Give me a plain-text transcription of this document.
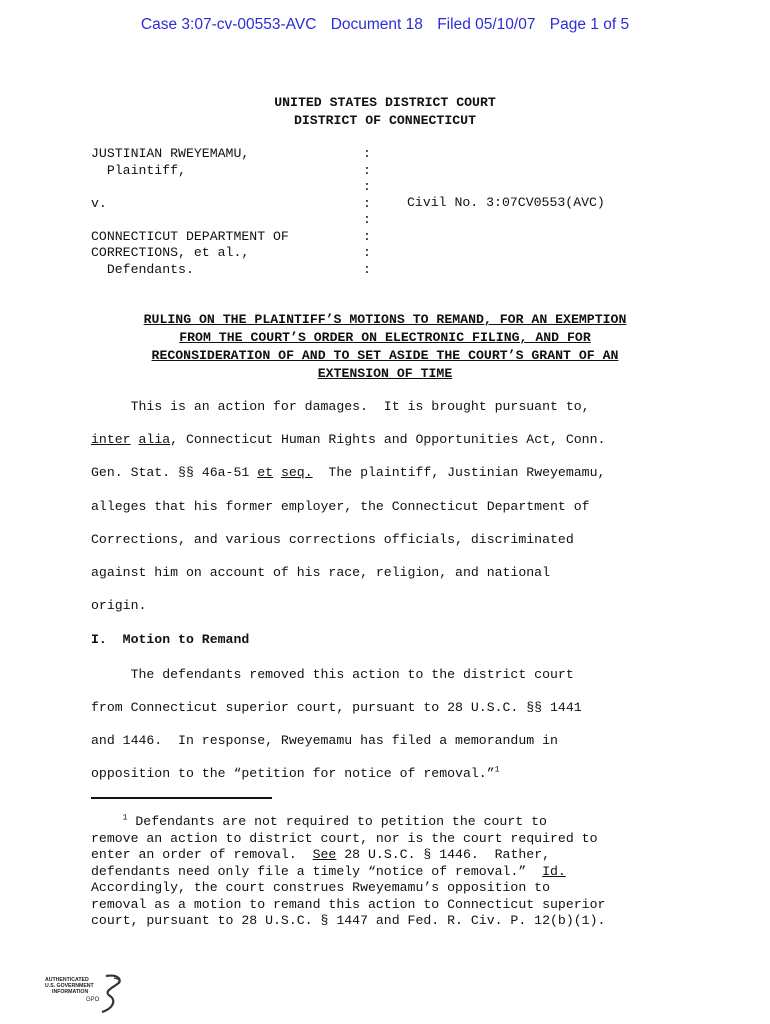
Case 3:07-cv-00553-AVC Document 18 Filed 05/10/07 Page 1 of 5
UNITED STATES DISTRICT COURT
DISTRICT OF CONNECTICUT
JUSTINIAN RWEYEMAMU,
Plaintiff,
v.
CONNECTICUT DEPARTMENT OF
CORRECTIONS, et al.,
Defendants.
:
:
:
:
:
:
:
:
Civil No. 3:07CV0553(AVC)
RULING ON THE PLAINTIFF’S MOTIONS TO REMAND, FOR AN EXEMPTION
FROM THE COURT’S ORDER ON ELECTRONIC FILING, AND FOR
RECONSIDERATION OF AND TO SET ASIDE THE COURT’S GRANT OF AN
EXTENSION OF TIME
This is an action for damages.  It is brought pursuant to,
inter alia, Connecticut Human Rights and Opportunities Act, Conn.
Gen. Stat. §§ 46a-51 et seq.  The plaintiff, Justinian Rweyemamu,
alleges that his former employer, the Connecticut Department of
Corrections, and various corrections officials, discriminated
against him on account of his race, religion, and national
origin.
I.  Motion to Remand
The defendants removed this action to the district court
from Connecticut superior court, pursuant to 28 U.S.C. §§ 1441
and 1446.  In response, Rweyemamu has filed a memorandum in
opposition to the “petition for notice of removal.”$^1$
$^1$ Defendants are not required to petition the court to
remove an action to district court, nor is the court required to
enter an order of removal.  See 28 U.S.C. § 1446.  Rather,
defendants need only file a timely “notice of removal.”  Id.
Accordingly, the court construes Rweyemamu’s opposition to
removal as a motion to remand this action to Connecticut superior
court, pursuant to 28 U.S.C. § 1447 and Fed. R. Civ. P. 12(b)(1).
AUTHENTICATED
U.S. GOVERNMENT
INFORMATION
GPO
